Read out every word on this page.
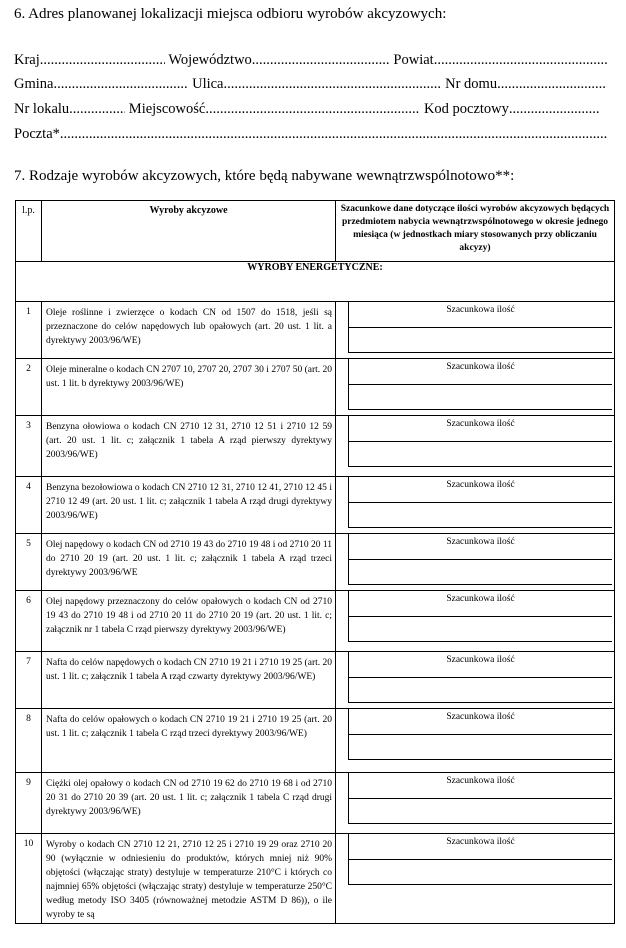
6. Adres planowanej lokalizacji miejsca odbioru wyrobów akcyzowych:
Kraj .....	Województwo .....	Powiat.....
Gmina .....	Ulica .....	Nr domu.....
Nr lokalu .....	Miejscowość .....	Kod pocztowy.....
Poczta*.....
7. Rodzaje wyrobów akcyzowych, które będą nabywane wewnątrzwspólnotowo**:
l.p.	Wyroby akcyzowe	Szacunkowe dane dotyczące ilości wyrobów akcyzowych będących przedmiotem nabycia wewnątrzwspólnotowego w okresie jednego miesiąca (w jednostkach miary stosowanych przy obliczaniu akcyzy)
WYROBY ENERGETYCZNE:		
1	Oleje roślinne i zwierzęce o kodach CN od 1507 do 1518, jeśli są przeznaczone do celów napędowych lub opałowych (art. 20 ust. 1 lit. a dyrektywy 2003/96/WE)	Szacunkowa ilość

2	Oleje mineralne o kodach CN 2707 10, 2707 20, 2707 30 i 2707 50 (art. 20 ust. 1 lit. b dyrektywy 2003/96/WE)	Szacunkowa ilość

3	Benzyna ołowiowa o kodach CN 2710 12 31, 2710 12 51 i 2710 12 59 (art. 20 ust. 1 lit. c; załącznik 1 tabela A rząd pierwszy dyrektywy 2003/96/WE)	Szacunkowa ilość

4	Benzyna bezołowiowa o kodach CN 2710 12 31, 2710 12 41, 2710 12 45 i 2710 12 49 (art. 20 ust. 1 lit. c; załącznik 1 tabela A rząd drugi dyrektywy 2003/96/WE)	Szacunkowa ilość

5	Olej napędowy o kodach CN od 2710 19 43 do 2710 19 48 i od 2710 20 11 do 2710 20 19 (art. 20 ust. 1 lit. c; załącznik 1 tabela A rząd trzeci dyrektywy 2003/96/WE	Szacunkowa ilość

6	Olej napędowy przeznaczony do celów opałowych o kodach CN od 2710 19 43 do 2710 19 48 i od 2710 20 11 do 2710 20 19 (art. 20 ust. 1 lit. c; załącznik nr 1 tabela C rząd pierwszy dyrektywy 2003/96/WE)	Szacunkowa ilość

7	Nafta do celów napędowych o kodach CN 2710 19 21 i 2710 19 25 (art. 20 ust. 1 lit. c; załącznik 1 tabela A rząd czwarty dyrektywy 2003/96/WE)	Szacunkowa ilość

8	Nafta do celów opałowych o kodach CN 2710 19 21 i 2710 19 25 (art. 20 ust. 1 lit. c; załącznik 1 tabela C rząd trzeci dyrektywy 2003/96/WE)	Szacunkowa ilość

9	Ciężki olej opałowy o kodach CN od 2710 19 62 do 2710 19 68 i od 2710 20 31 do 2710 20 39 (art. 20 ust. 1 lit. c; załącznik 1 tabela C rząd drugi dyrektywy 2003/96/WE)	Szacunkowa ilość

10	Wyroby o kodach CN 2710 12 21, 2710 12 25 i 2710 19 29 oraz 2710 20 90 (wyłącznie w odniesieniu do produktów, których mniej niż 90% objętości (włączając straty) destyluje w temperaturze 210°C i których co najmniej 65% objętości (włączając straty) destyluje w temperaturze 250°C według metody ISO 3405 (równoważnej metodzie ASTM D 86)), o ile wyroby te są	Szacunkowa ilość
